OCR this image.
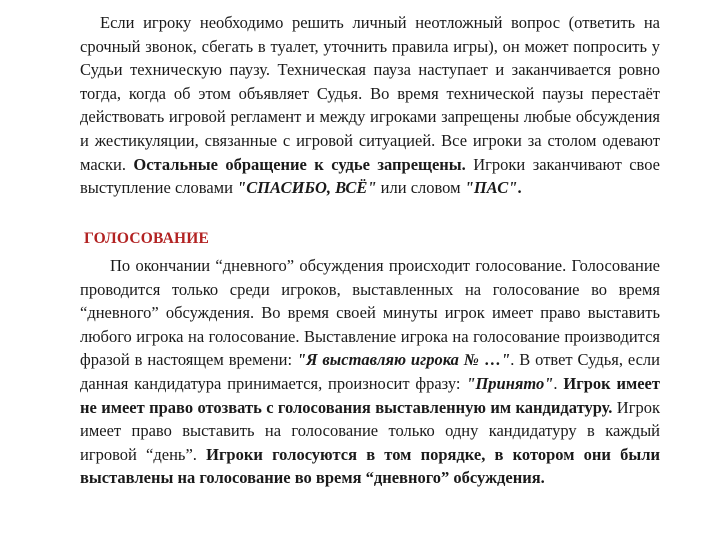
Если игроку необходимо решить личный неотложный вопрос (ответить на срочный звонок, сбегать в туалет, уточнить правила игры), он может попросить у Судьи техническую паузу. Техническая пауза наступает и заканчивается ровно тогда, когда об этом объявляет Судья. Во время технической паузы перестаёт действовать игровой регламент и между игроками запрещены любые обсуждения и жестикуляции, связанные с игровой ситуацией. Все игроки за столом одевают маски. Остальные обращение к судье запрещены. Игроки заканчивают свое выступление словами "СПАСИБО, ВСЁ" или словом "ПАС".

ГОЛОСОВАНИЕ

По окончании “дневного” обсуждения происходит голосование. Голосование проводится только среди игроков, выставленных на голосование во время “дневного” обсуждения. Во время своей минуты игрок имеет право выставить любого игрока на голосование. Выставление игрока на голосование производится фразой в настоящем времени: "Я выставляю игрока № …". В ответ Судья, если данная кандидатура принимается, произносит фразу: "Принято". Игрок имеет не имеет право отозвать с голосования выставленную им кандидатуру. Игрок имеет право выставить на голосование только одну кандидатуру в каждый игровой “день”. Игроки голосуются в том порядке, в котором они были выставлены на голосование во время “дневного” обсуждения.
